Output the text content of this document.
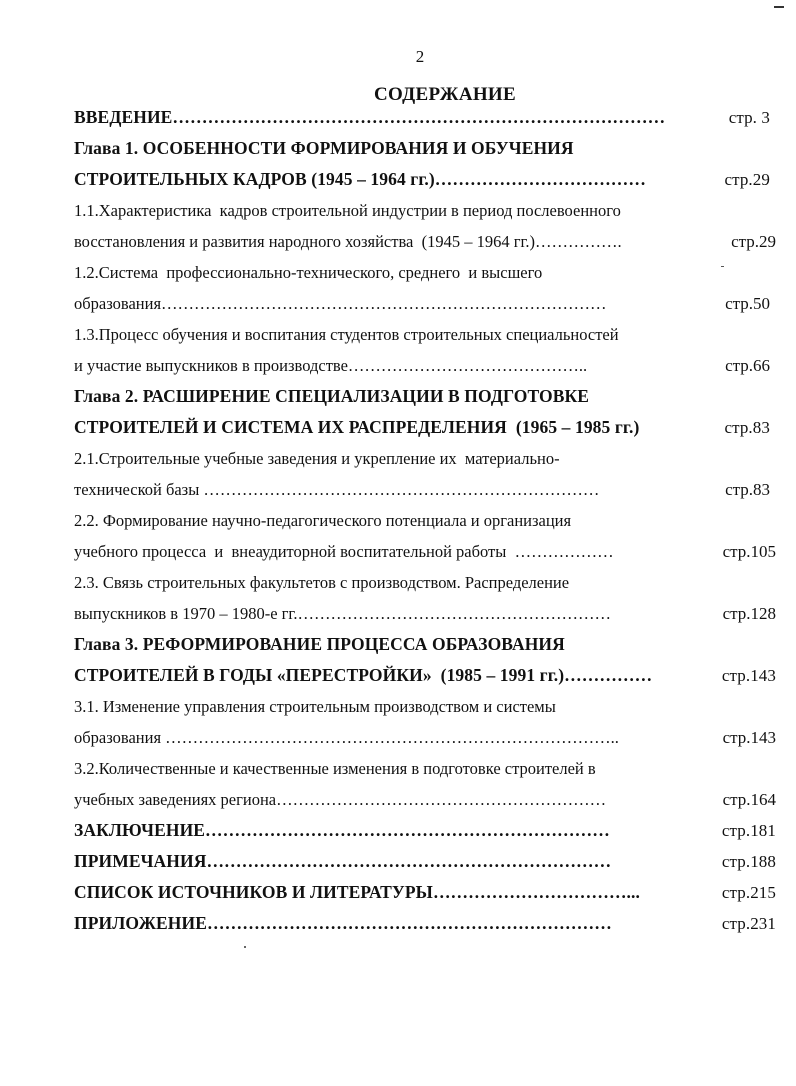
2
СОДЕРЖАНИЕ
ВВЕДЕНИЕ…………………………………………………………………………	стр. 3
Глава 1. ОСОБЕННОСТИ ФОРМИРОВАНИЯ И ОБУЧЕНИЯ
СТРОИТЕЛЬНЫХ КАДРОВ (1945 – 1964 гг.)………………………………	стр.29
1.1.Характеристика  кадров строительной индустрии в период послевоенного
восстановления и развития народного хозяйства  (1945 – 1964 гг.)…………….	стр.29
1.2.Система  профессионально-технического, среднего  и высшего
образования………………………………………………………………………	стр.50
1.3.Процесс обучения и воспитания студентов строительных специальностей
и участие выпускников в производстве……………………………………..	стр.66
Глава 2. РАСШИРЕНИЕ СПЕЦИАЛИЗАЦИИ В ПОДГОТОВКЕ
СТРОИТЕЛЕЙ И СИСТЕМА ИХ РАСПРЕДЕЛЕНИЯ  (1965 – 1985 гг.)	стр.83
2.1.Строительные учебные заведения и укрепление их  материально-
технической базы ………………………………………………………………	стр.83
2.2. Формирование научно-педагогического потенциала и организация
учебного процесса  и  внеаудиторной воспитательной работы  ………………	стр.105
2.3. Связь строительных факультетов с производством. Распределение
выпускников в 1970 – 1980-е гг.…………………………………………………	стр.128
Глава 3. РЕФОРМИРОВАНИЕ ПРОЦЕССА ОБРАЗОВАНИЯ
СТРОИТЕЛЕЙ В ГОДЫ «ПЕРЕСТРОЙКИ»  (1985 – 1991 гг.)……………	стр.143
3.1. Изменение управления строительным производством и системы
образования ………………………………………………………………………..	стр.143
3.2.Количественные и качественные изменения в подготовке строителей в
учебных заведениях региона……………………………………………………	стр.164
ЗАКЛЮЧЕНИЕ……………………………………………………………	стр.181
ПРИМЕЧАНИЯ……………………………………………………………	стр.188
СПИСОК ИСТОЧНИКОВ И ЛИТЕРАТУРЫ……………………………...	стр.215
ПРИЛОЖЕНИЕ……………………………………………………………	стр.231
